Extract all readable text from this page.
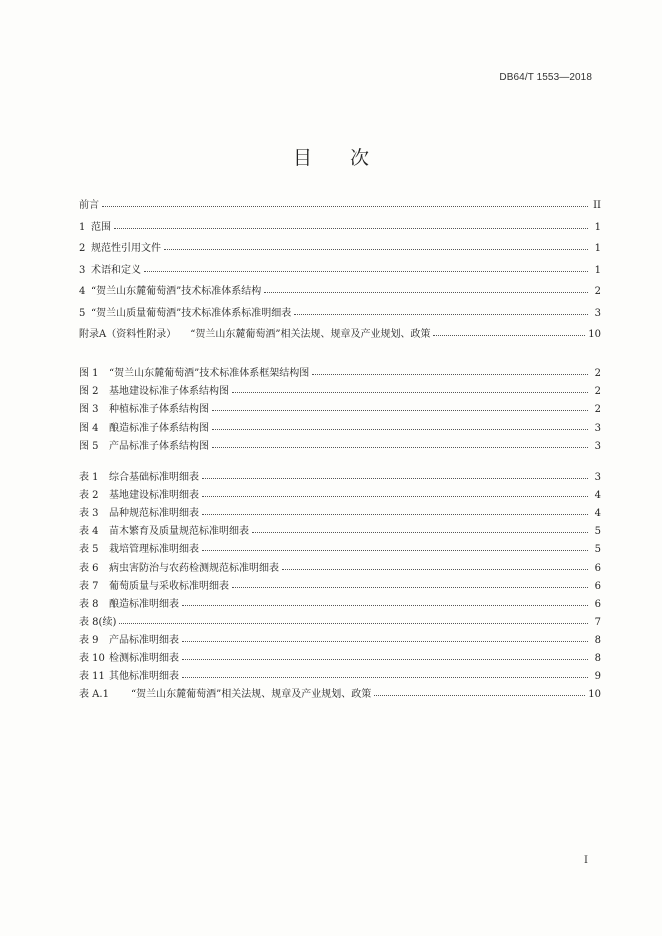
DB64/T 1553—2018
目次
前言	II
1 范围	1
2 规范性引用文件	1
3 术语和定义	1
4 “贺兰山东麓葡萄酒”技术标准体系结构	2
5 “贺兰山质量葡萄酒”技术标准体系标准明细表	3
附录A（资料性附录） “贺兰山东麓葡萄酒”相关法规、规章及产业规划、政策	10
图 1 “贺兰山东麓葡萄酒”技术标准体系框架结构图	2
图 2 基地建设标准子体系结构图	2
图 3 种植标准子体系结构图	2
图 4 酿造标准子体系结构图	3
图 5 产品标准子体系结构图	3
表 1 综合基础标准明细表	3
表 2 基地建设标准明细表	4
表 3 品种规范标准明细表	4
表 4 苗木繁育及质量规范标准明细表	5
表 5 栽培管理标准明细表	5
表 6 病虫害防治与农药检测规范标准明细表	6
表 7 葡萄质量与采收标准明细表	6
表 8 酿造标准明细表	6
表 8(续)	7
表 9 产品标准明细表	8
表 10 检测标准明细表	8
表 11 其他标准明细表	9
表 A.1 “贺兰山东麓葡萄酒”相关法规、规章及产业规划、政策	10
I
